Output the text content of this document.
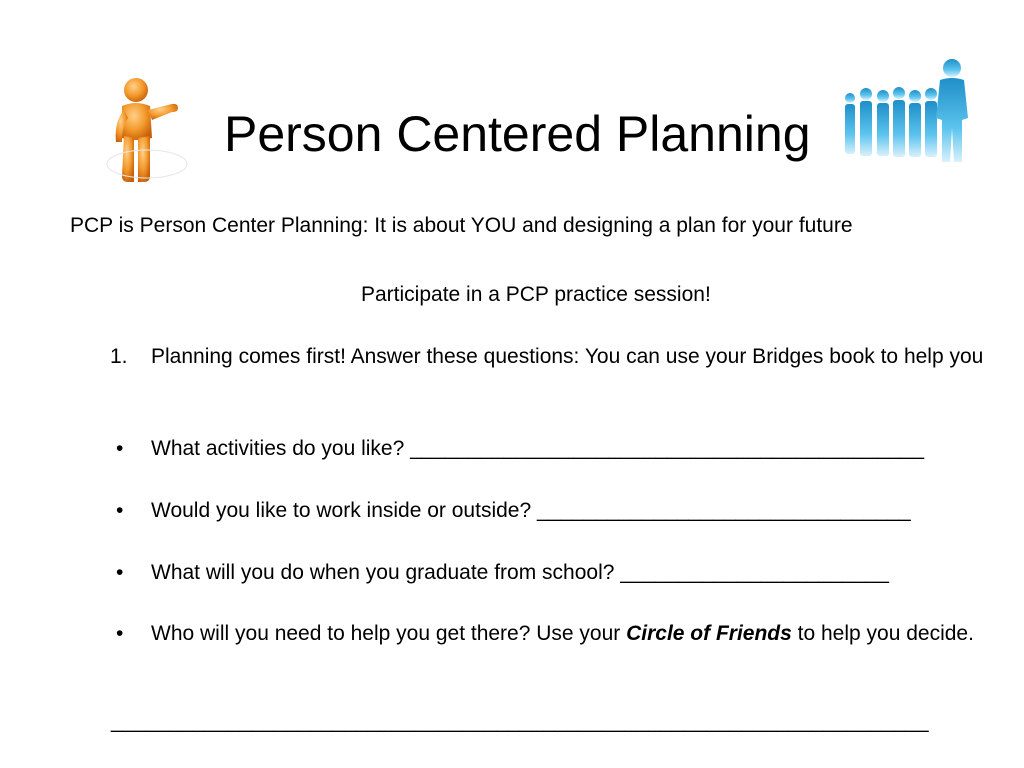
Person Centered Planning
PCP is Person Center Planning: It is about YOU and designing a plan for your future
Participate in a PCP practice session!
1.	Planning comes first! Answer these questions: You can use your Bridges book to help you
•	What activities do you like? ____________________________________________
•	Would you like to work inside or outside? ________________________________
•	What will you do when you graduate from school? _______________________
•	Who will you need to help you get there? Use your Circle of Friends to help you decide.
______________________________________________________________________
